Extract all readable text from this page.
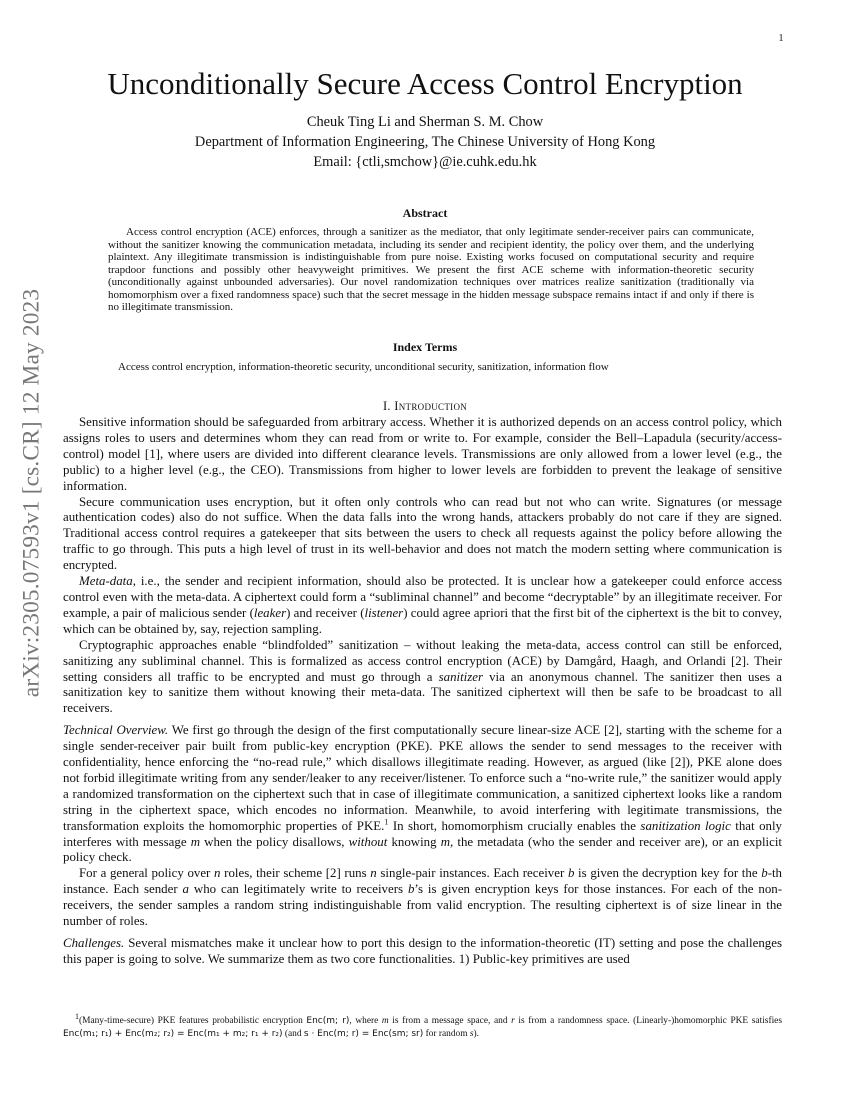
1
arXiv:2305.07593v1 [cs.CR] 12 May 2023
Unconditionally Secure Access Control Encryption
Cheuk Ting Li and Sherman S. M. Chow
Department of Information Engineering, The Chinese University of Hong Kong
Email: {ctli,smchow}@ie.cuhk.edu.hk
Abstract

Access control encryption (ACE) enforces, through a sanitizer as the mediator, that only legitimate sender-receiver pairs can communicate, without the sanitizer knowing the communication metadata, including its sender and recipient identity, the policy over them, and the underlying plaintext. Any illegitimate transmission is indistinguishable from pure noise. Existing works focused on computational security and require trapdoor functions and possibly other heavyweight primitives. We present the first ACE scheme with information-theoretic security (unconditionally against unbounded adversaries). Our novel randomization techniques over matrices realize sanitization (traditionally via homomorphism over a fixed randomness space) such that the secret message in the hidden message subspace remains intact if and only if there is no illegitimate transmission.

Index Terms

Access control encryption, information-theoretic security, unconditional security, sanitization, information flow

I. Introduction

Sensitive information should be safeguarded from arbitrary access. Whether it is authorized depends on an access control policy, which assigns roles to users and determines whom they can read from or write to. For example, consider the Bell–Lapadula (security/access-control) model [1], where users are divided into different clearance levels. Transmissions are only allowed from a lower level (e.g., the public) to a higher level (e.g., the CEO). Transmissions from higher to lower levels are forbidden to prevent the leakage of sensitive information.

Secure communication uses encryption, but it often only controls who can read but not who can write. Signatures (or message authentication codes) also do not suffice. When the data falls into the wrong hands, attackers probably do not care if they are signed. Traditional access control requires a gatekeeper that sits between the users to check all requests against the policy before allowing the traffic to go through. This puts a high level of trust in its well-behavior and does not match the modern setting where communication is encrypted.

Meta-data, i.e., the sender and recipient information, should also be protected. It is unclear how a gatekeeper could enforce access control even with the meta-data. A ciphertext could form a “subliminal channel” and become “decryptable” by an illegitimate receiver. For example, a pair of malicious sender (leaker) and receiver (listener) could agree apriori that the first bit of the ciphertext is the bit to convey, which can be obtained by, say, rejection sampling.

Cryptographic approaches enable “blindfolded” sanitization – without leaking the meta-data, access control can still be enforced, sanitizing any subliminal channel. This is formalized as access control encryption (ACE) by Damgård, Haagh, and Orlandi [2]. Their setting considers all traffic to be encrypted and must go through a sanitizer via an anonymous channel. The sanitizer then uses a sanitization key to sanitize them without knowing their meta-data. The sanitized ciphertext will then be safe to be broadcast to all receivers.

Technical Overview. We first go through the design of the first computationally secure linear-size ACE [2], starting with the scheme for a single sender-receiver pair built from public-key encryption (PKE). PKE allows the sender to send messages to the receiver with confidentiality, hence enforcing the “no-read rule,” which disallows illegitimate reading. However, as argued (like [2]), PKE alone does not forbid illegitimate writing from any sender/leaker to any receiver/listener. To enforce such a “no-write rule,” the sanitizer would apply a randomized transformation on the ciphertext such that in case of illegitimate communication, a sanitized ciphertext looks like a random string in the ciphertext space, which encodes no information. Meanwhile, to avoid interfering with legitimate transmissions, the transformation exploits the homomorphic properties of PKE.$^1$ In short, homomorphism crucially enables the sanitization logic that only interferes with message m when the policy disallows, without knowing m, the metadata (who the sender and receiver are), or an explicit policy check.

For a general policy over n roles, their scheme [2] runs n single-pair instances. Each receiver b is given the decryption key for the b-th instance. Each sender a who can legitimately write to receivers b’s is given encryption keys for those instances. For each of the non-receivers, the sender samples a random string indistinguishable from valid encryption. The resulting ciphertext is of size linear in the number of roles.

Challenges. Several mismatches make it unclear how to port this design to the information-theoretic (IT) setting and pose the challenges this paper is going to solve. We summarize them as two core functionalities. 1) Public-key primitives are used

1(Many-time-secure) PKE features probabilistic encryption Enc(m; r), where m is from a message space, and r is from a randomness space. (Linearly-)homomorphic PKE satisfies Enc(m₁; r₁) + Enc(m₂; r₂) = Enc(m₁ + m₂; r₁ + r₂) (and s · Enc(m; r) = Enc(sm; sr) for random s).
